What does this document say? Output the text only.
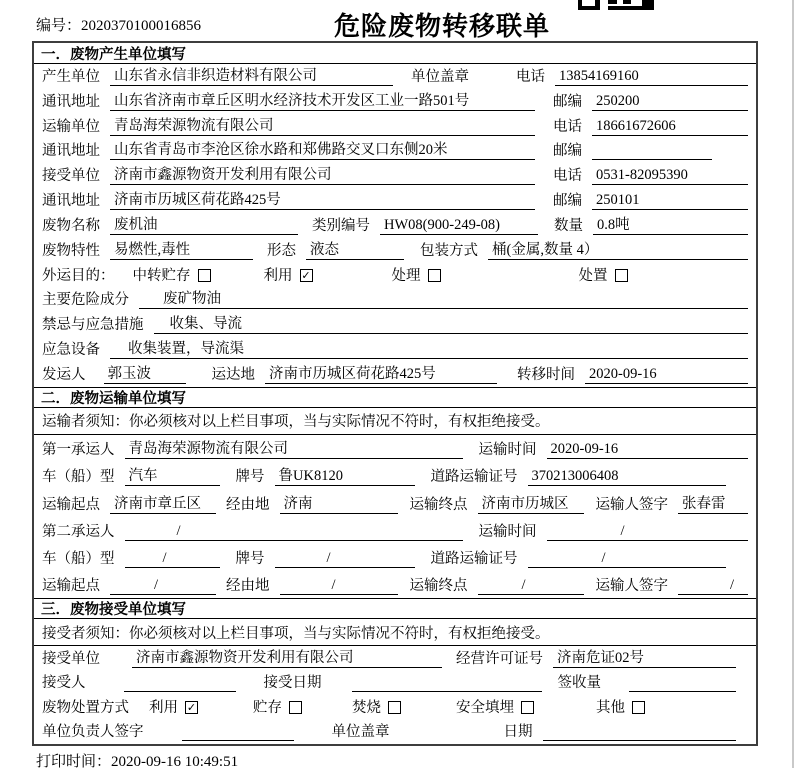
编号：2020370100016856	危险废物转移联单
一．废物产生单位填写
产生单位 山东省永信非织造材料有限公司	单位盖章	电话 13854169160
通讯地址 山东省济南市章丘区明水经济技术开发区工业一路501号	邮编 250200
运输单位 青岛海荣源物流有限公司	电话 18661672606
通讯地址 山东省青岛市李沧区徐水路和郑佛路交叉口东侧20米	邮编
接受单位 济南市鑫源物资开发利用有限公司	电话 0531-82095390
通讯地址 济南市历城区荷花路425号	邮编 250101
废物名称 废机油	类别编号 HW08(900-249-08)	数量 0.8吨
废物特性 易燃性,毒性	形态 液态	包装方式 桶(金属,数量 4）
外运目的： 中转贮存	利用 ✓	处理	处置
主要危险成分	废矿物油
禁忌与应急措施	收集、导流
应急设备	收集装置，导流渠
发运人 郭玉波	运达地 济南市历城区荷花路425号	转移时间 2020-09-16
二．废物运输单位填写
运输者须知：你必须核对以上栏目事项，当与实际情况不符时，有权拒绝接受。
第一承运人 青岛海荣源物流有限公司	运输时间 2020-09-16
车（船）型 汽车	牌号 鲁UK8120	道路运输证号 370213006408
运输起点 济南市章丘区	经由地 济南	运输终点 济南市历城区	运输人签字 张春雷
第二承运人	/	运输时间	/
车（船）型	/	牌号	/	道路运输证号	/
运输起点	/	经由地	/	运输终点	/	运输人签字	/
三．废物接受单位填写
接受者须知：你必须核对以上栏目事项，当与实际情况不符时，有权拒绝接受。
接受单位 济南市鑫源物资开发利用有限公司	经营许可证号 济南危证02号
接受人	接受日期	签收量
废物处置方式 利用 ✓	贮存	焚烧	安全填埋	其他
单位负责人签字	单位盖章	日期
打印时间：2020-09-16 10:49:51
